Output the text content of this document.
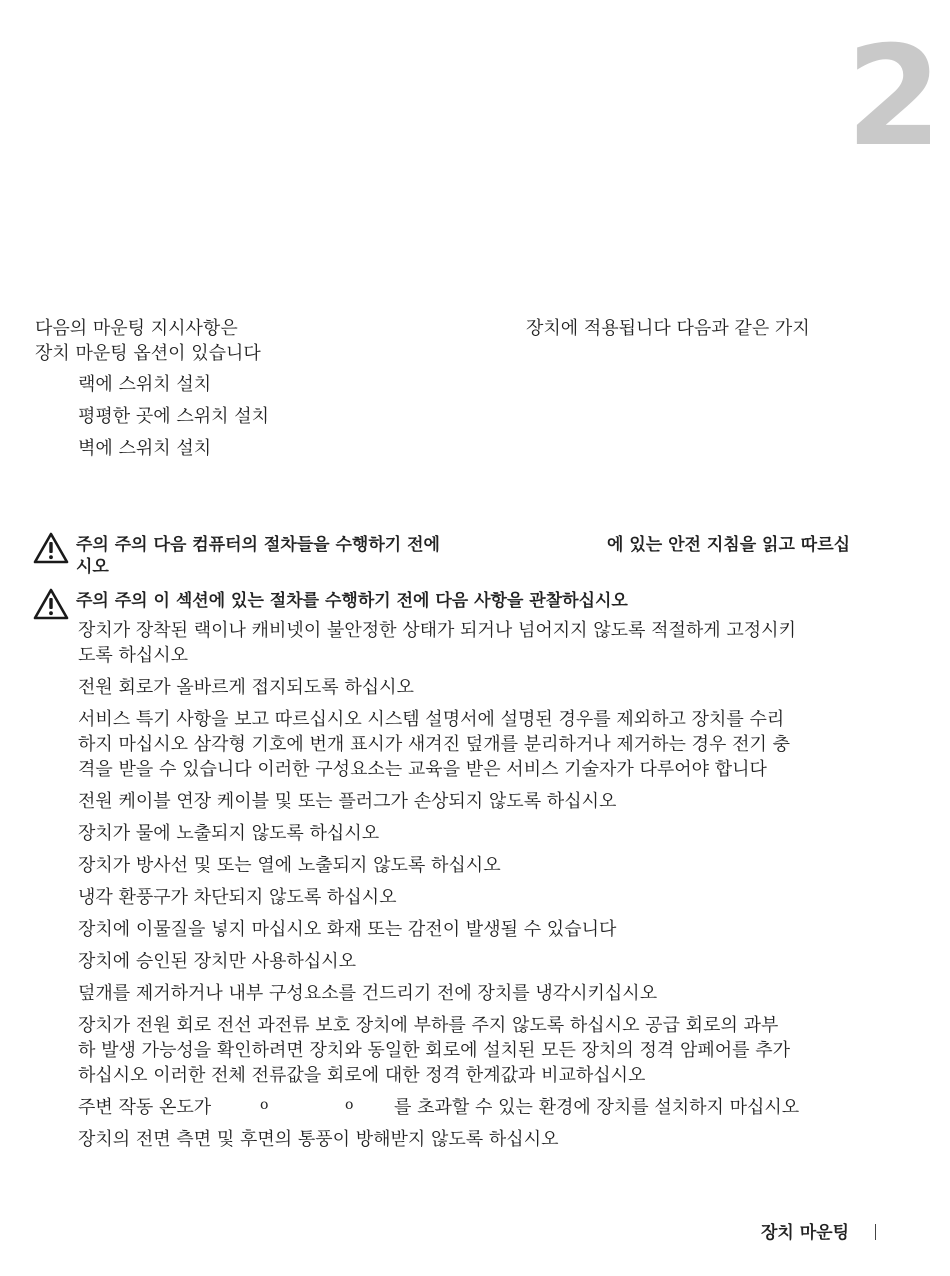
2
다음의 마운팅 지시사항은	장치에 적용됩니다 다음과 같은 가지
장치 마운팅 옵션이 있습니다
랙에 스위치 설치
평평한 곳에 스위치 설치
벽에 스위치 설치
주의 주의 다음 컴퓨터의 절차들을 수행하기 전에	에 있는 안전 지침을 읽고 따르십
시오
주의 주의 이 섹션에 있는 절차를 수행하기 전에 다음 사항을 관찰하십시오
장치가 장착된 랙이나 캐비넷이 불안정한 상태가 되거나 넘어지지 않도록 적절하게 고정시키
도록 하십시오
전원 회로가 올바르게 접지되도록 하십시오
서비스 특기 사항을 보고 따르십시오 시스템 설명서에 설명된 경우를 제외하고 장치를 수리
하지 마십시오 삼각형 기호에 번개 표시가 새겨진 덮개를 분리하거나 제거하는 경우 전기 충
격을 받을 수 있습니다 이러한 구성요소는 교육을 받은 서비스 기술자가 다루어야 합니다
전원 케이블 연장 케이블 및 또는 플러그가 손상되지 않도록 하십시오
장치가 물에 노출되지 않도록 하십시오
장치가 방사선 및 또는 열에 노출되지 않도록 하십시오
냉각 환풍구가 차단되지 않도록 하십시오
장치에 이물질을 넣지 마십시오 화재 또는 감전이 발생될 수 있습니다
장치에 승인된 장치만 사용하십시오
덮개를 제거하거나 내부 구성요소를 건드리기 전에 장치를 냉각시키십시오
장치가 전원 회로 전선 과전류 보호 장치에 부하를 주지 않도록 하십시오 공급 회로의 과부
하 발생 가능성을 확인하려면 장치와 동일한 회로에 설치된 모든 장치의 정격 암페어를 추가
하십시오 이러한 전체 전류값을 회로에 대한 정격 한계값과 비교하십시오
주변 작동 온도가	o	o 를 초과할 수 있는 환경에 장치를 설치하지 마십시오
장치의 전면 측면 및 후면의 통풍이 방해받지 않도록 하십시오
장치 마운팅
